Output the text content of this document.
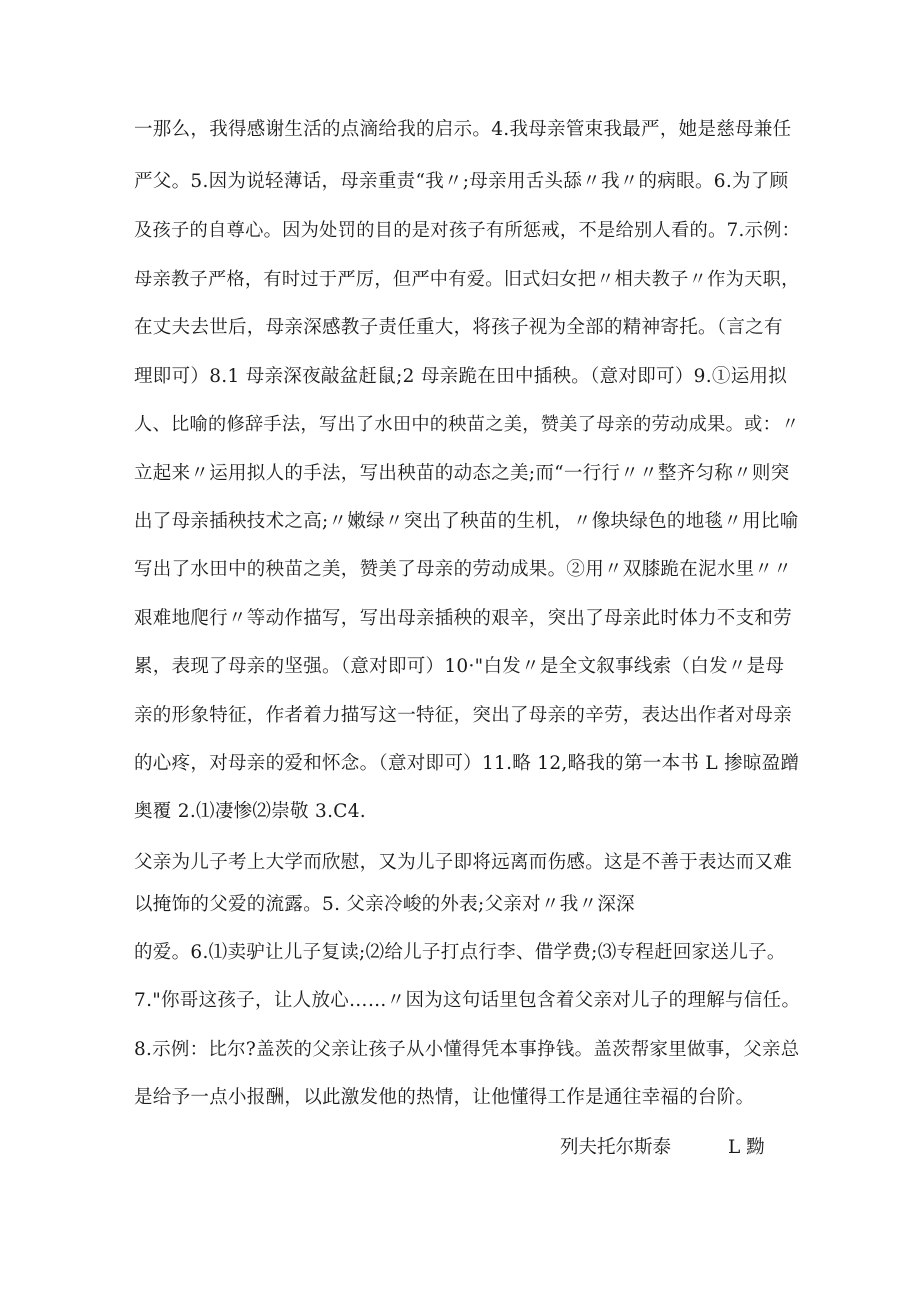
一那么，我得感谢生活的点滴给我的启示。4.我母亲管束我最严，她是慈母兼任
严父。5.因为说轻薄话，母亲重责“我〃;母亲用舌头舔〃我〃的病眼。6.为了顾
及孩子的自尊心。因为处罚的目的是对孩子有所惩戒，不是给别人看的。7.示例：
母亲教子严格，有时过于严厉，但严中有爱。旧式妇女把〃相夫教子〃作为天职，
在丈夫去世后，母亲深感教子责任重大，将孩子视为全部的精神寄托。（言之有
理即可）8.1 母亲深夜敲盆赶鼠;2 母亲跪在田中插秧。（意对即可）9.①运用拟
人、比喻的修辞手法，写出了水田中的秧苗之美，赞美了母亲的劳动成果。或：〃
立起来〃运用拟人的手法，写出秧苗的动态之美;而“一行行〃〃整齐匀称〃则突
出了母亲插秧技术之高;〃嫩绿〃突出了秧苗的生机，〃像块绿色的地毯〃用比喻
写出了水田中的秧苗之美，赞美了母亲的劳动成果。②用〃双膝跪在泥水里〃〃
艰难地爬行〃等动作描写，写出母亲插秧的艰辛，突出了母亲此时体力不支和劳
累，表现了母亲的坚强。（意对即可）10·"白发〃是全文叙事线索（白发〃是母
亲的形象特征，作者着力描写这一特征，突出了母亲的辛劳，表达出作者对母亲
的心疼，对母亲的爱和怀念。（意对即可）11.略 12,略我的第一本书 L 掺晾盈蹭
奥覆 2.⑴凄惨⑵崇敬 3.C4.
父亲为儿子考上大学而欣慰，又为儿子即将远离而伤感。这是不善于表达而又难
以掩饰的父爱的流露。5. 父亲冷峻的外表;父亲对〃我〃深深
的爱。6.⑴卖驴让儿子复读;⑵给儿子打点行李、借学费;⑶专程赶回家送儿子。
7."你哥这孩子，让人放心……〃因为这句话里包含着父亲对儿子的理解与信任。
8.示例：比尔?盖茨的父亲让孩子从小懂得凭本事挣钱。盖茨帮家里做事，父亲总
是给予一点小报酬，以此激发他的热情，让他懂得工作是通往幸福的台阶。
列夫托尔斯泰	L 黝
